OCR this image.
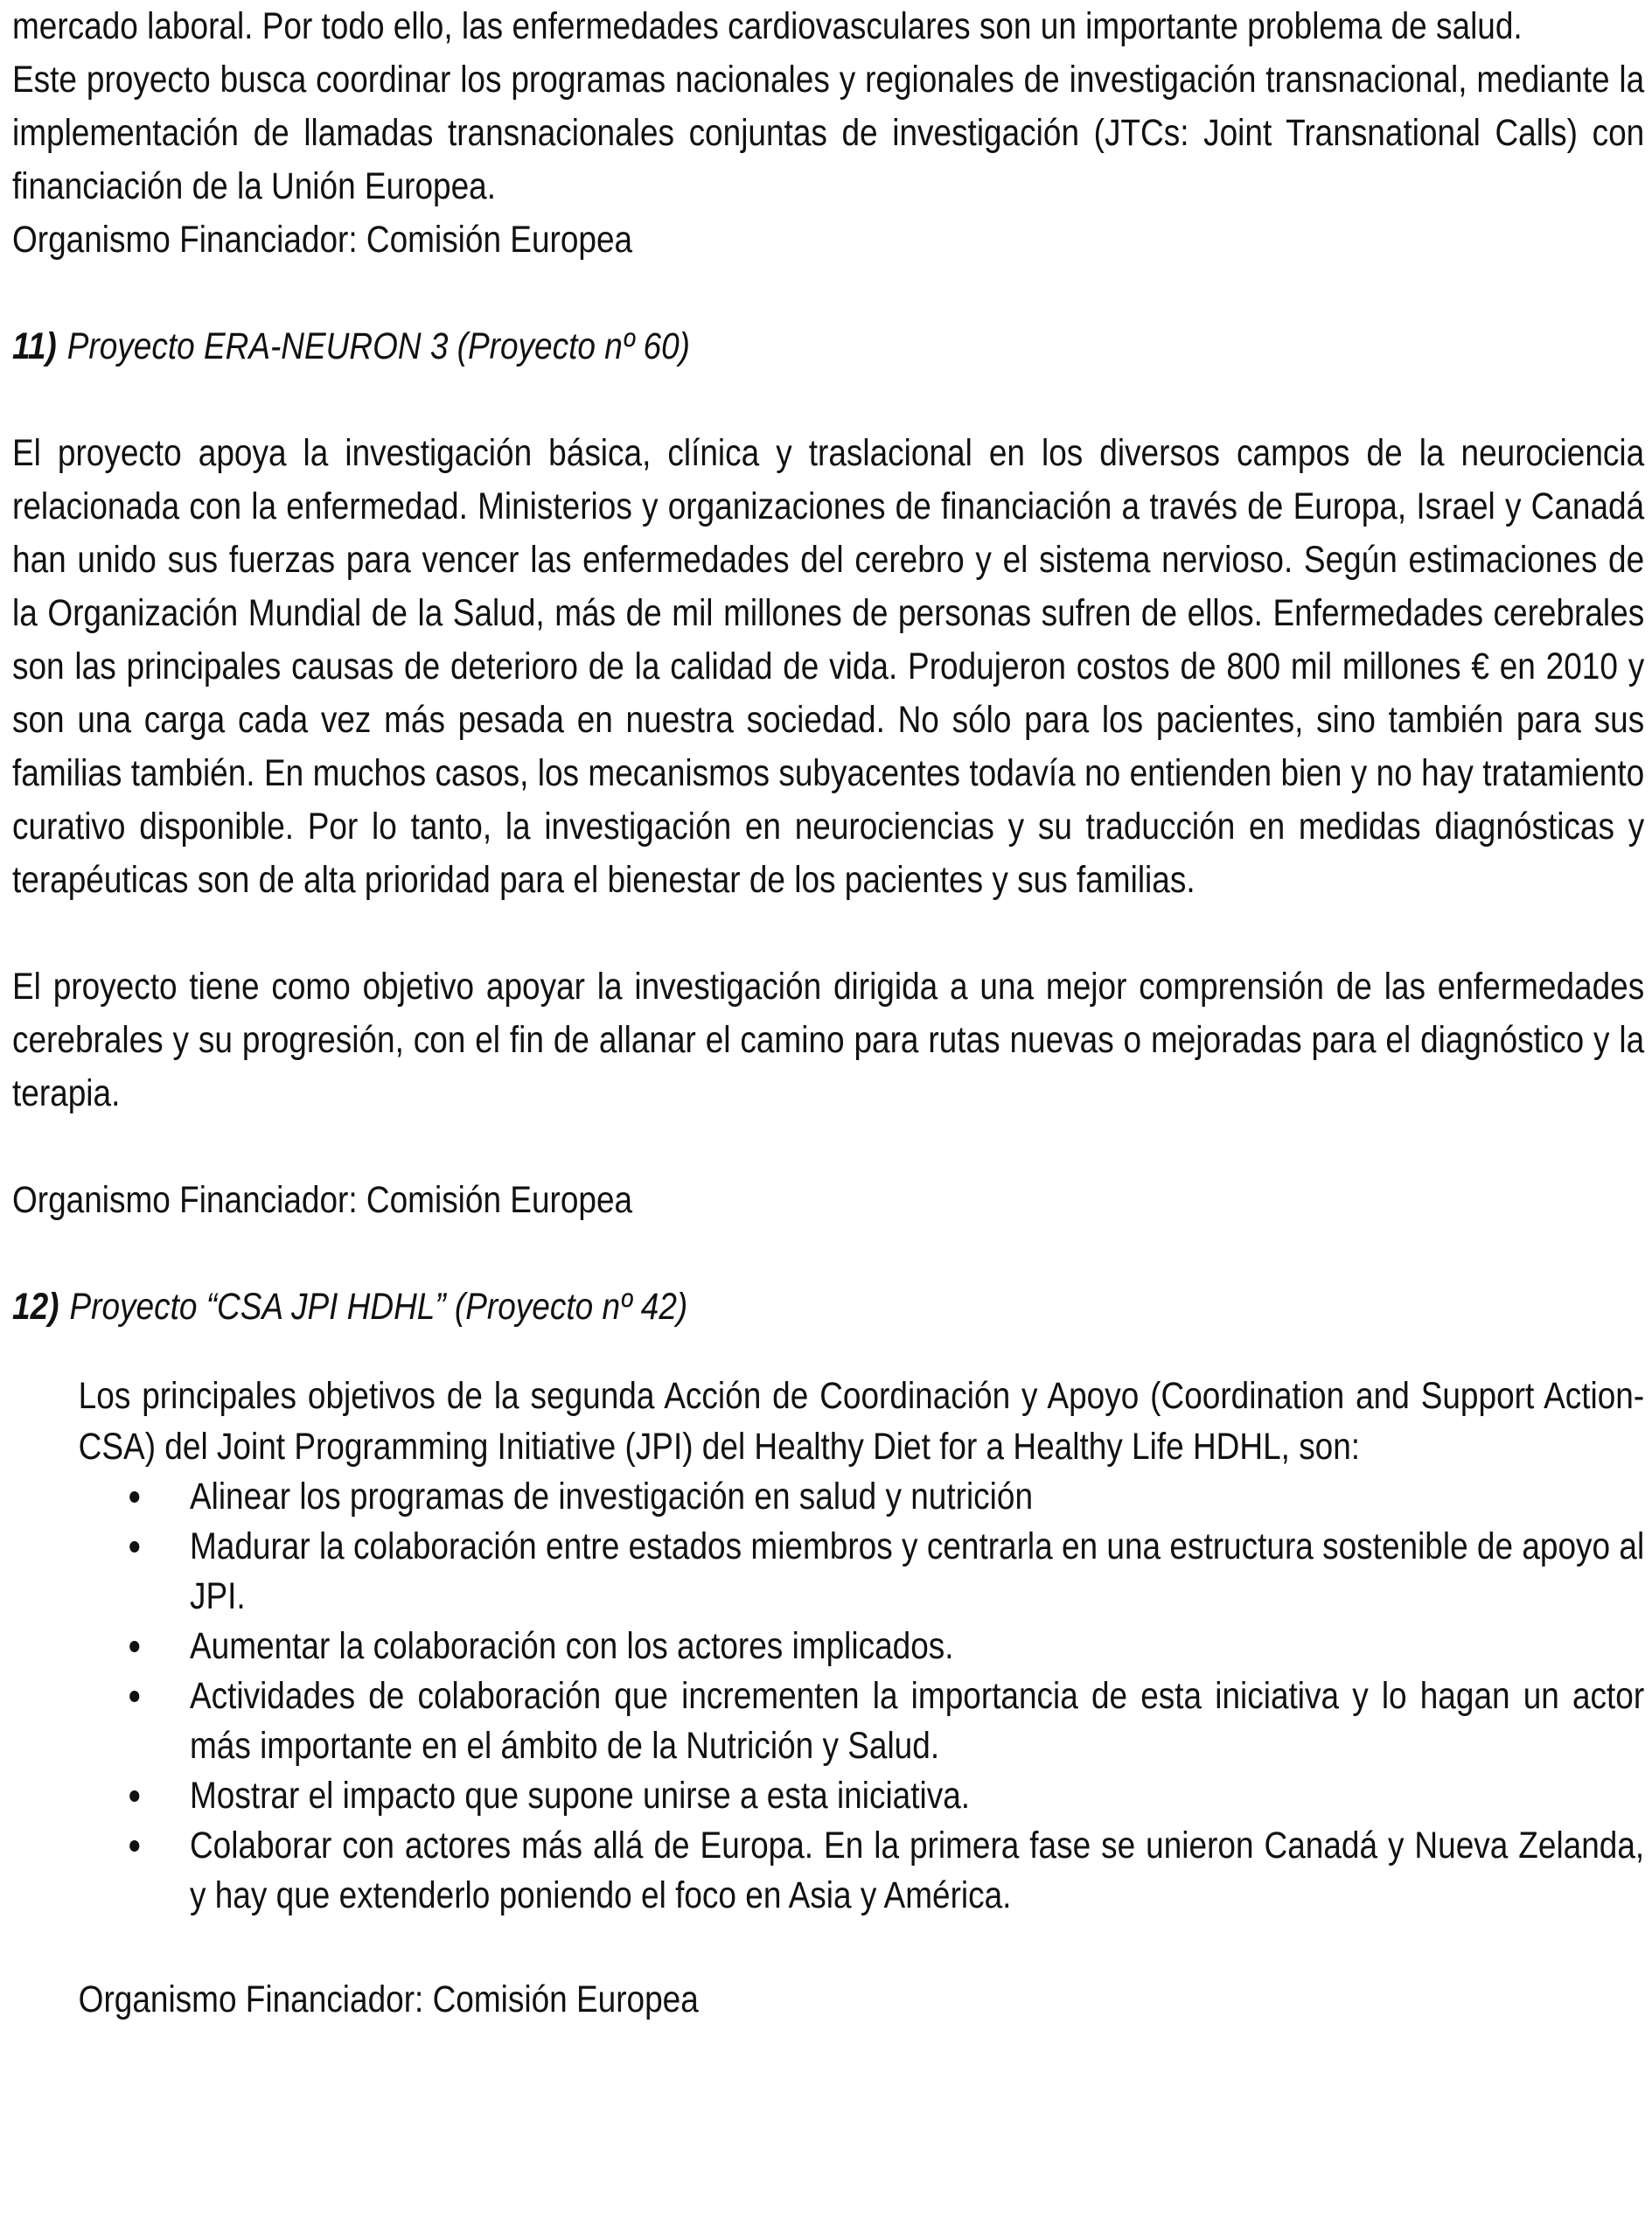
mercado laboral. Por todo ello, las enfermedades cardiovasculares son un importante problema de salud.

Este proyecto busca coordinar los programas nacionales y regionales de investigación transnacional, mediante la implementación de llamadas transnacionales conjuntas de investigación (JTCs: Joint Transnational Calls) con financiación de la Unión Europea.

Organismo Financiador: Comisión Europea

11) Proyecto ERA-NEURON 3 (Proyecto nº 60)

El proyecto apoya la investigación básica, clínica y traslacional en los diversos campos de la neurociencia relacionada con la enfermedad. Ministerios y organizaciones de financiación a través de Europa, Israel y Canadá han unido sus fuerzas para vencer las enfermedades del cerebro y el sistema nervioso. Según estimaciones de la Organización Mundial de la Salud, más de mil millones de personas sufren de ellos. Enfermedades cerebrales son las principales causas de deterioro de la calidad de vida. Produjeron costos de 800 mil millones € en 2010 y son una carga cada vez más pesada en nuestra sociedad. No sólo para los pacientes, sino también para sus familias también. En muchos casos, los mecanismos subyacentes todavía no entienden bien y no hay tratamiento curativo disponible. Por lo tanto, la investigación en neurociencias y su traducción en medidas diagnósticas y terapéuticas son de alta prioridad para el bienestar de los pacientes y sus familias.

El proyecto tiene como objetivo apoyar la investigación dirigida a una mejor comprensión de las enfermedades cerebrales y su progresión, con el fin de allanar el camino para rutas nuevas o mejoradas para el diagnóstico y la terapia.

Organismo Financiador: Comisión Europea

12) Proyecto “CSA JPI HDHL” (Proyecto nº 42)

Los principales objetivos de la segunda Acción de Coordinación y Apoyo (Coordination and Support Action-CSA) del Joint Programming Initiative (JPI) del Healthy Diet for a Healthy Life HDHL, son:

Alinear los programas de investigación en salud y nutrición
Madurar la colaboración entre estados miembros y centrarla en una estructura sostenible de apoyo al JPI.
Aumentar la colaboración con los actores implicados.
Actividades de colaboración que incrementen la importancia de esta iniciativa y lo hagan un actor más importante en el ámbito de la Nutrición y Salud.
Mostrar el impacto que supone unirse a esta iniciativa.
Colaborar con actores más allá de Europa. En la primera fase se unieron Canadá y Nueva Zelanda, y hay que extenderlo poniendo el foco en Asia y América.

Organismo Financiador: Comisión Europea
